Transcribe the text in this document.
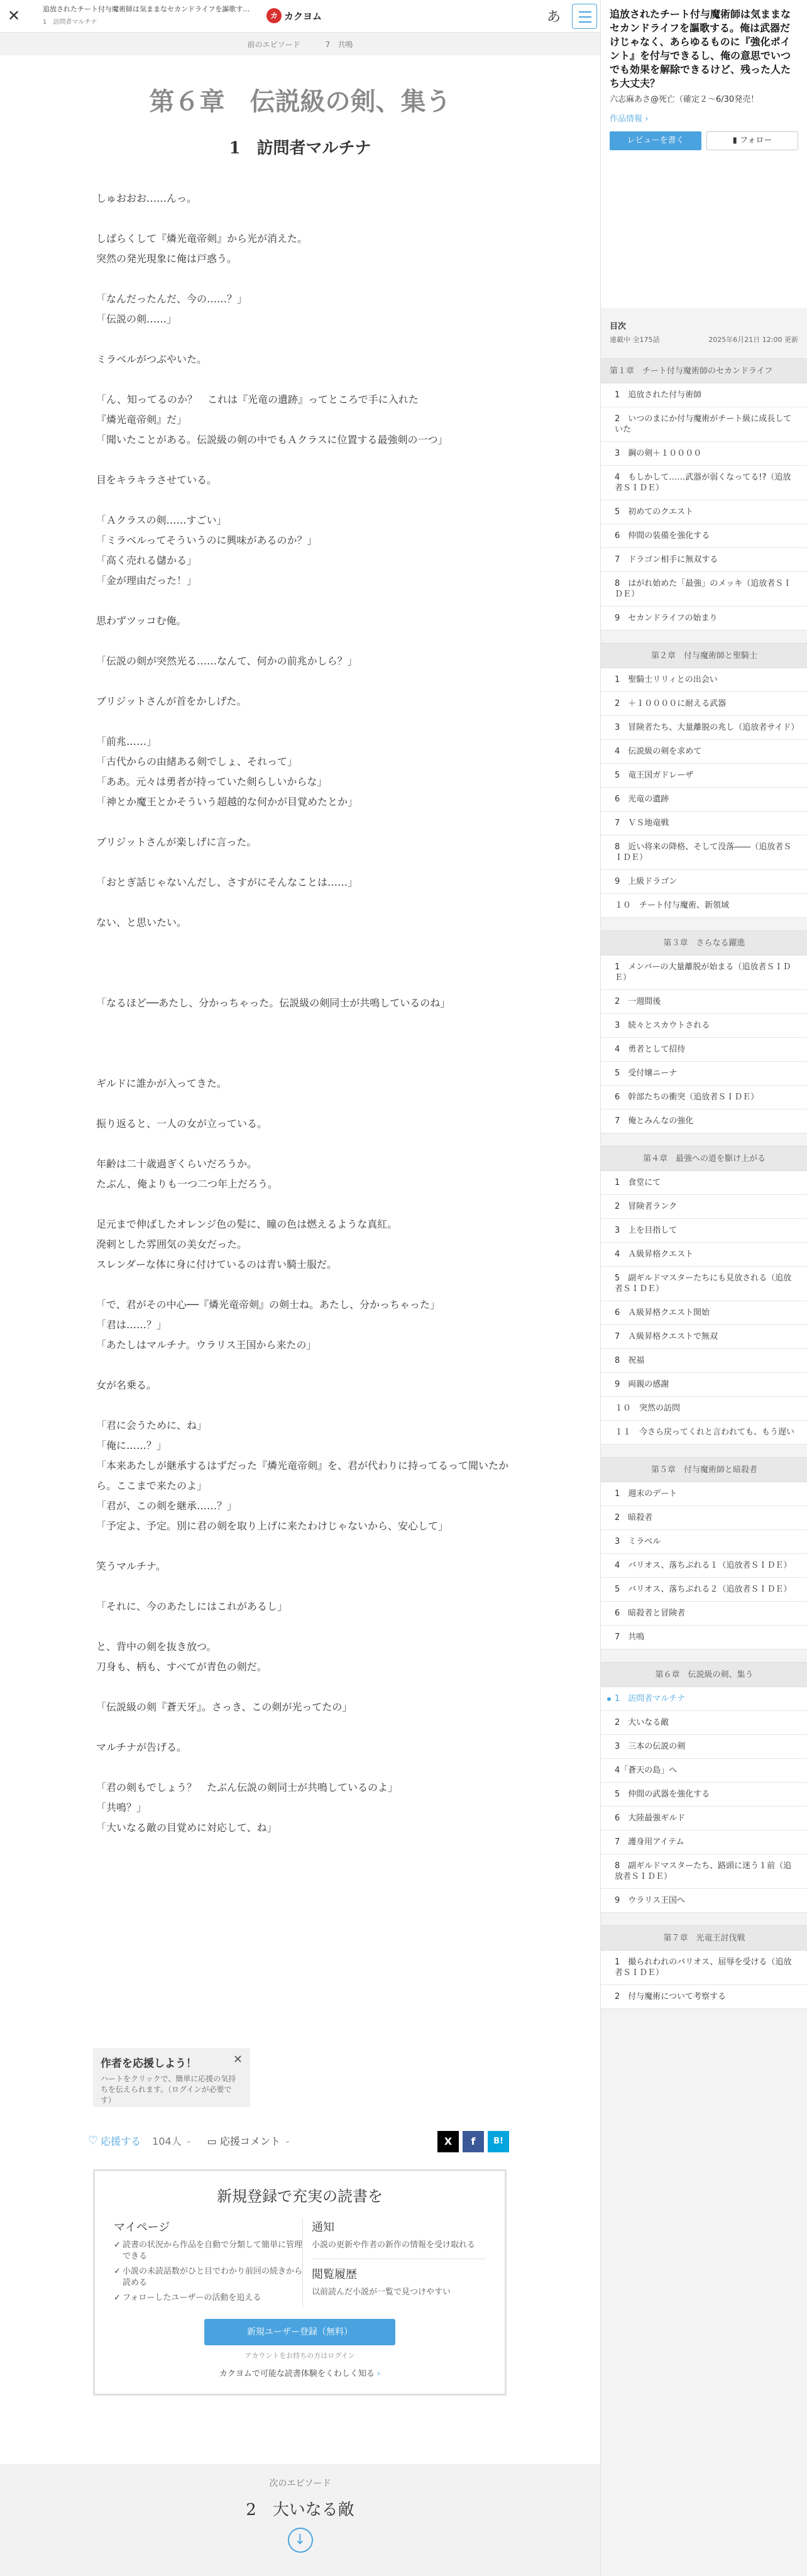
✕	追放されたチート付与魔術師は気ままなセカンドライフを謳歌する。
1　訪問者マルチナ
カ カクヨム	あ
前のエピソード	7　 共鳴
第６章　伝説級の剣、集う
1　訪問者マルチナ

しゅおおお……んっ。

しばらくして『燐光竜帝剣』から光が消えた。

突然の発光現象に俺は戸惑う。

「なんだったんだ、今の……？」

「伝説の剣……」

ミラベルがつぶやいた。

「ん、知ってるのか？　これは『光竜の遺跡』ってところで手に入れた

『燐光竜帝剣』だ」

「聞いたことがある。伝説級の剣の中でもＡクラスに位置する最強剣の一つ」

目をキラキラさせている。

「Ａクラスの剣……すごい」

「ミラベルってそういうのに興味があるのか？」

「高く売れる儲かる」

「金が理由だった！」

思わずツッコむ俺。

「伝説の剣が突然光る……なんて、何かの前兆かしら？」

ブリジットさんが首をかしげた。

「前兆……」

「古代からの由緒ある剣でしょ、それって」

「ああ。元々は勇者が持っていた剣らしいからな」

「神とか魔王とかそういう超越的な何かが目覚めたとか」

ブリジットさんが楽しげに言った。

「おとぎ話じゃないんだし、さすがにそんなことは……」

ない、と思いたい。

「なるほど──あたし、分かっちゃった。伝説級の剣同士が共鳴しているのね」

ギルドに誰かが入ってきた。

振り返ると、一人の女が立っている。

年齢は二十歳過ぎくらいだろうか。

たぶん、俺よりも一つ二つ年上だろう。

足元まで伸ばしたオレンジ色の髪に、瞳の色は燃えるような真紅。

溌剌とした雰囲気の美女だった。

スレンダーな体に身に付けているのは青い騎士服だ。

「で、君がその中心──『燐光竜帝剣』の剣士ね。あたし、分かっちゃった」

「君は……？」

「あたしはマルチナ。ウラリス王国から来たの」

女が名乗る。

「君に会うために、ね」

「俺に……？」

「本来あたしが継承するはずだった『燐光竜帝剣』を、君が代わりに持ってるって聞いたから。ここまで来たのよ」

「君が、この剣を継承……？」

「予定よ、予定。別に君の剣を取り上げに来たわけじゃないから、安心して」

笑うマルチナ。

「それに、今のあたしにはこれがあるし」

と、背中の剣を抜き放つ。

刀身も、柄も、すべてが青色の剣だ。

「伝説級の剣『蒼天牙』。さっき、この剣が光ってたの」

マルチナが告げる。

「君の剣もでしょう？　たぶん伝説の剣同士が共鳴しているのよ」

「共鳴？」

「大いなる敵の目覚めに対応して、ね」

作者を応援しよう！	✕

ハートをクリックで、簡単に応援の気持ちを伝えられます。（ログインが必要です）

♡ 応援する 104人 ⌄ ▭ 応援コメント ⌄	X	f	B!
新規登録で充実の読書を
マイページ
✓ 読書の状況から作品を自動で分類して簡単に管理できる
✓ 小説の未読話数がひと目でわかり前回の続きから読める
✓ フォローしたユーザーの活動を追える
通知
小説の更新や作者の新作の情報を受け取れる
閲覧履歴
以前読んだ小説が一覧で見つけやすい
新規ユーザー登録（無料）
アカウントをお持ちの方はログイン
カクヨムで可能な読書体験をくわしく知る ›
次のエピソード
2　大いなる敵
↓
追放されたチート付与魔術師は気ままなセカンドライフを謳歌する。俺は武器だけじゃなく、あらゆるものに『強化ポイント』を付与できるし、俺の意思でいつでも効果を解除できるけど、残った人たち大丈夫？
六志麻あさ@死亡（確定２〜6/30発売！
作品情報 ›
レビューを書く	▮ フォロー
目次
連載中 全175話	2025年6月21日 12:00 更新
第１章　チート付与魔術師のセカンドライフ
1　追放された付与術師
2　いつのまにか付与魔術がチート級に成長していた
3　鋼の剣＋１００００
4　もしかして……武器が弱くなってる!?（追放者ＳＩＤＥ）
5　初めてのクエスト
6　仲間の装備を強化する
7　ドラゴン相手に無双する
8　はがれ始めた「最強」のメッキ（追放者ＳＩＤＥ）
9　セカンドライフの始まり
第２章　付与魔術師と聖騎士
1　聖騎士リリィとの出会い
2　＋１００００に耐える武器
3　冒険者たち、大量離脱の兆し（追放者サイド）
4　伝説級の剣を求めて
5　竜王国ガドレーザ
6　光竜の遺跡
7　ＶＳ地竜戦
8　近い将来の降格、そして没落――（追放者ＳＩＤＥ）
9　上級ドラゴン
１０　チート付与魔術、新領域
第３章　さらなる躍進
1　メンバーの大量離脱が始まる（追放者ＳＩＤＥ）
2　一週間後
3　続々とスカウトされる
4　勇者として招待
5　受付嬢ニーナ
6　幹部たちの衝突（追放者ＳＩＤＥ）
7　俺とみんなの強化
第４章　最強への道を駆け上がる
1　食堂にて
2　冒険者ランク
3　上を目指して
4　Ａ級昇格クエスト
5　副ギルドマスターたちにも見放される（追放者ＳＩＤＥ）
6　Ａ級昇格クエスト開始
7　Ａ級昇格クエストで無双
8　祝福
9　両親の感謝
１０　突然の訪問
１１　今さら戻ってくれと言われても、もう遅い
第５章　付与魔術師と暗殺者
1　週末のデート
2　暗殺者
3　ミラベル
4　バリオス、落ちぶれる１（追放者ＳＩＤＥ）
5　バリオス、落ちぶれる２（追放者ＳＩＤＥ）
6　暗殺者と冒険者
7　共鳴
第６章　伝説級の剣、集う
1　訪問者マルチナ
2　大いなる敵
3　三本の伝説の剣
4「蒼天の島」へ
5　仲間の武器を強化する
6　大陸最強ギルド
7　護身用アイテム
8　副ギルドマスターたち、路頭に迷う１前（追放者ＳＩＤＥ）
9　ウラリス王国へ
第７章　光竜王討伐戦
1　撮られわれのバリオス、屈辱を受ける（追放者ＳＩＤＥ）
2　付与魔術について考察する
